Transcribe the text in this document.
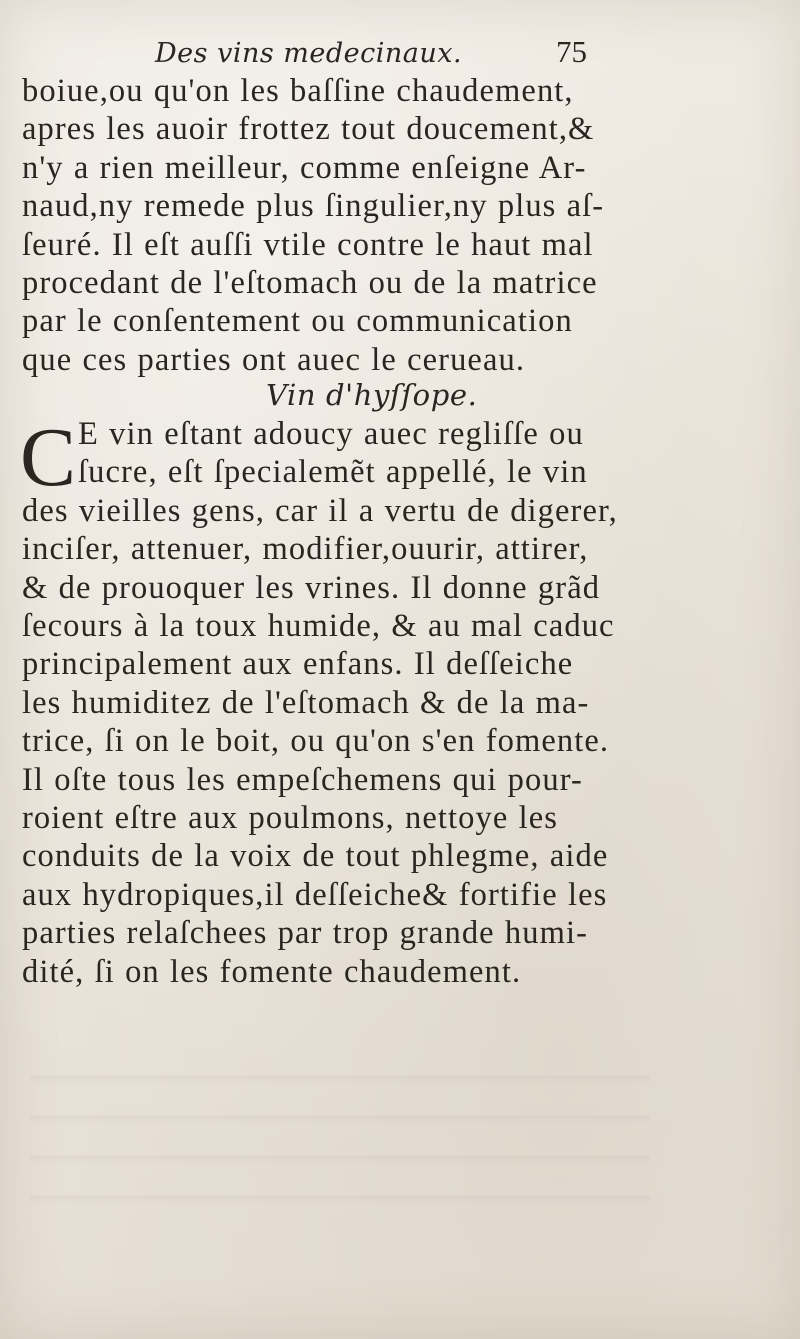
Des vins medecinaux.	75
boiue,ou qu'on les baſſine chaudement,
apres les auoir frottez tout doucement,&
n'y a rien meilleur, comme enſeigne Ar-
naud,ny remede plus ſingulier,ny plus aſ-
ſeuré. Il eſt auſſi vtile contre le haut mal
procedant de l'eſtomach ou de la matrice
par le conſentement ou communication
que ces parties ont auec le cerueau.
Vin d'hyſſope.
C E vin eſtant adoucy auec regliſſe ou
ſucre, eſt ſpecialemẽt appellé, le vin
des vieilles gens, car il a vertu de digerer,
inciſer, attenuer, modifier,ouurir, attirer,
& de prouoquer les vrines. Il donne grãd
ſecours à la toux humide, & au mal caduc
principalement aux enfans. Il deſſeiche
les humiditez de l'eſtomach & de la ma-
trice, ſi on le boit, ou qu'on s'en fomente.
Il oſte tous les empeſchemens qui pour-
roient eſtre aux poulmons, nettoye les
conduits de la voix de tout phlegme, aide
aux hydropiques,il deſſeiche& fortifie les
parties relaſchees par trop grande humi-
dité, ſi on les fomente chaudement.
